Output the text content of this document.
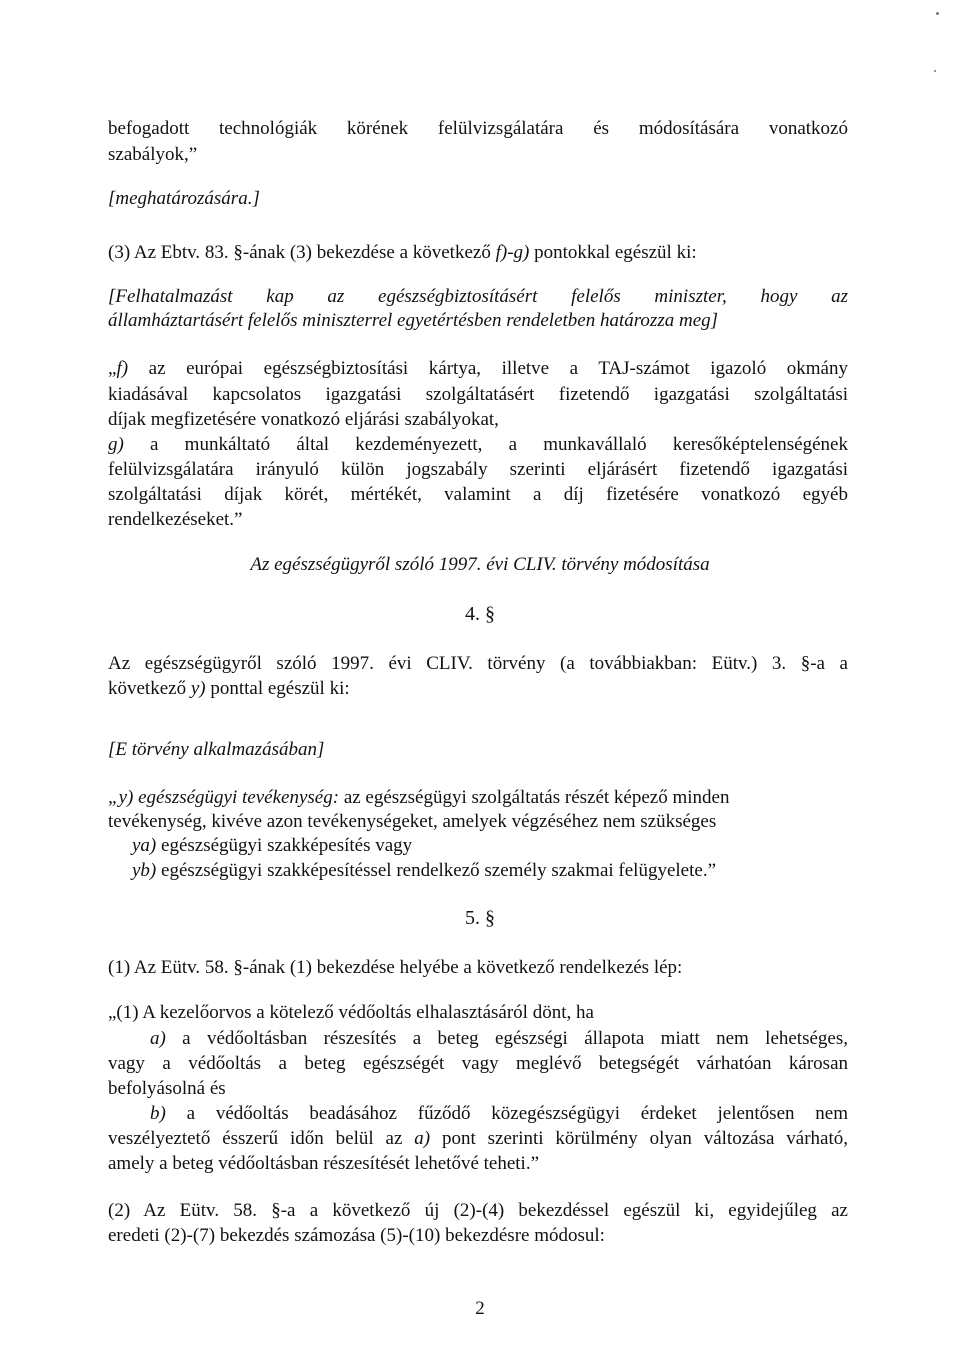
befogadott technológiák körének felülvizsgálatára és módosítására vonatkozó
szabályok,”
[meghatározására.]
(3) Az Ebtv. 83. §-ának (3) bekezdése a következő f)-g) pontokkal egészül ki:
[Felhatalmazást kap az egészségbiztosításért felelős miniszter, hogy az
államháztartásért felelős miniszterrel egyetértésben rendeletben határozza meg]
„f) az európai egészségbiztosítási kártya, illetve a TAJ-számot igazoló okmány
kiadásával kapcsolatos igazgatási szolgáltatásért fizetendő igazgatási szolgáltatási
díjak megfizetésére vonatkozó eljárási szabályokat,
g) a munkáltató által kezdeményezett, a munkavállaló keresőképtelenségének
felülvizsgálatára irányuló külön jogszabály szerinti eljárásért fizetendő igazgatási
szolgáltatási díjak körét, mértékét, valamint a díj fizetésére vonatkozó egyéb
rendelkezéseket.”
Az egészségügyről szóló 1997. évi CLIV. törvény módosítása
4. §
Az egészségügyről szóló 1997. évi CLIV. törvény (a továbbiakban: Eütv.) 3. §-a a
következő y) ponttal egészül ki:
[E törvény alkalmazásában]
„y) egészségügyi tevékenység: az egészségügyi szolgáltatás részét képező minden
tevékenység, kivéve azon tevékenységeket, amelyek végzéséhez nem szükséges
ya) egészségügyi szakképesítés vagy
yb) egészségügyi szakképesítéssel rendelkező személy szakmai felügyelete.”
5. §
(1) Az Eütv. 58. §-ának (1) bekezdése helyébe a következő rendelkezés lép:
„(1) A kezelőorvos a kötelező védőoltás elhalasztásáról dönt, ha
a) a védőoltásban részesítés a beteg egészségi állapota miatt nem lehetséges,
vagy a védőoltás a beteg egészségét vagy meglévő betegségét várhatóan károsan
befolyásolná és
b) a védőoltás beadásához fűződő közegészségügyi érdeket jelentősen nem
veszélyeztető ésszerű időn belül az a) pont szerinti körülmény olyan változása várható,
amely a beteg védőoltásban részesítését lehetővé teheti.”
(2) Az Eütv. 58. §-a a következő új (2)-(4) bekezdéssel egészül ki, egyidejűleg az
eredeti (2)-(7) bekezdés számozása (5)-(10) bekezdésre módosul:
2
